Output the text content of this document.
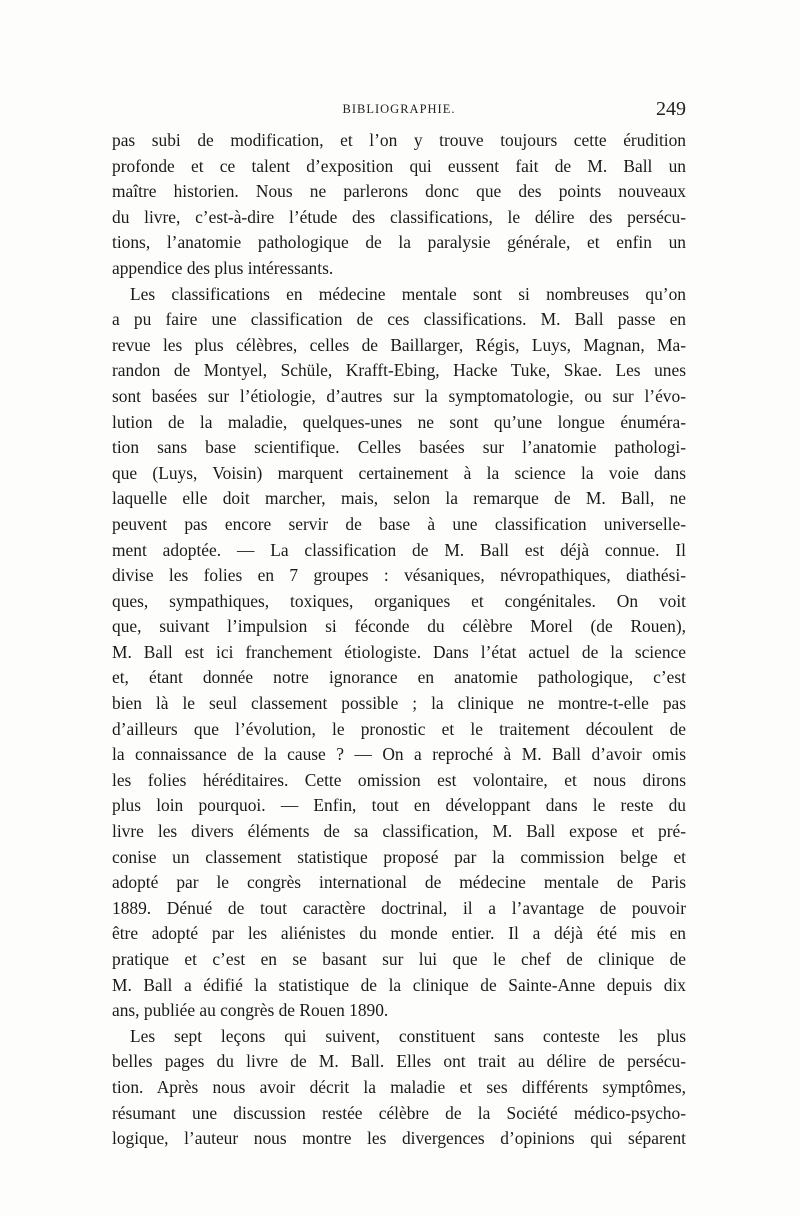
BIBLIOGRAPHIE.	249
pas subi de modification, et l’on y trouve toujours cette érudition
profonde et ce talent d’exposition qui eussent fait de M. Ball un
maître historien. Nous ne parlerons donc que des points nouveaux
du livre, c’est-à-dire l’étude des classifications, le délire des persécu-
tions, l’anatomie pathologique de la paralysie générale, et enfin un
appendice des plus intéressants.
Les classifications en médecine mentale sont si nombreuses qu’on
a pu faire une classification de ces classifications. M. Ball passe en
revue les plus célèbres, celles de Baillarger, Régis, Luys, Magnan, Ma-
randon de Montyel, Schüle, Krafft-Ebing, Hacke Tuke, Skae. Les unes
sont basées sur l’étiologie, d’autres sur la symptomatologie, ou sur l’évo-
lution de la maladie, quelques-unes ne sont qu’une longue énuméra-
tion sans base scientifique. Celles basées sur l’anatomie pathologi-
que (Luys, Voisin) marquent certainement à la science la voie dans
laquelle elle doit marcher, mais, selon la remarque de M. Ball, ne
peuvent pas encore servir de base à une classification universelle-
ment adoptée. — La classification de M. Ball est déjà connue. Il
divise les folies en 7 groupes : vésaniques, névropathiques, diathési-
ques, sympathiques, toxiques, organiques et congénitales. On voit
que, suivant l’impulsion si féconde du célèbre Morel (de Rouen),
M. Ball est ici franchement étiologiste. Dans l’état actuel de la science
et, étant donnée notre ignorance en anatomie pathologique, c’est
bien là le seul classement possible ; la clinique ne montre-t-elle pas
d’ailleurs que l’évolution, le pronostic et le traitement découlent de
la connaissance de la cause ? — On a reproché à M. Ball d’avoir omis
les folies héréditaires. Cette omission est volontaire, et nous dirons
plus loin pourquoi. — Enfin, tout en développant dans le reste du
livre les divers éléments de sa classification, M. Ball expose et pré-
conise un classement statistique proposé par la commission belge et
adopté par le congrès international de médecine mentale de Paris
1889. Dénué de tout caractère doctrinal, il a l’avantage de pouvoir
être adopté par les aliénistes du monde entier. Il a déjà été mis en
pratique et c’est en se basant sur lui que le chef de clinique de
M. Ball a édifié la statistique de la clinique de Sainte-Anne depuis dix
ans, publiée au congrès de Rouen 1890.
Les sept leçons qui suivent, constituent sans conteste les plus
belles pages du livre de M. Ball. Elles ont trait au délire de persécu-
tion. Après nous avoir décrit la maladie et ses différents symptômes,
résumant une discussion restée célèbre de la Société médico-psycho-
logique, l’auteur nous montre les divergences d’opinions qui séparent
